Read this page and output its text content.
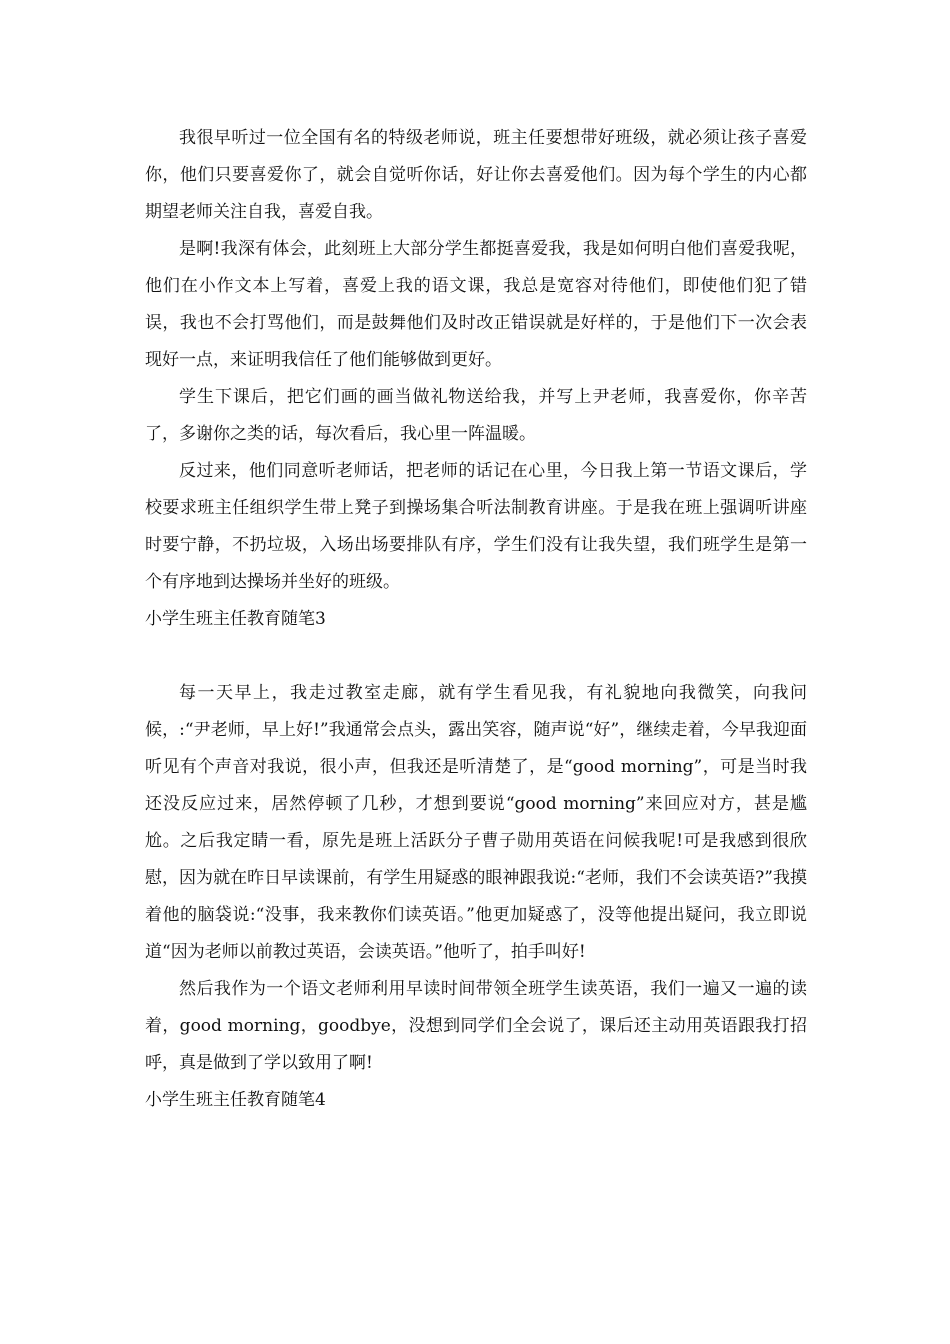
我很早听过一位全国有名的特级老师说，班主任要想带好班级，就必须让孩子喜爱你，他们只要喜爱你了，就会自觉听你话，好让你去喜爱他们。因为每个学生的内心都期望老师关注自我，喜爱自我。

是啊!我深有体会，此刻班上大部分学生都挺喜爱我，我是如何明白他们喜爱我呢，他们在小作文本上写着，喜爱上我的语文课，我总是宽容对待他们，即使他们犯了错误，我也不会打骂他们，而是鼓舞他们及时改正错误就是好样的，于是他们下一次会表现好一点，来证明我信任了他们能够做到更好。

学生下课后，把它们画的画当做礼物送给我，并写上尹老师，我喜爱你，你辛苦了，多谢你之类的话，每次看后，我心里一阵温暖。

反过来，他们同意听老师话，把老师的话记在心里，今日我上第一节语文课后，学校要求班主任组织学生带上凳子到操场集合听法制教育讲座。于是我在班上强调听讲座时要宁静，不扔垃圾，入场出场要排队有序，学生们没有让我失望，我们班学生是第一个有序地到达操场并坐好的班级。

小学生班主任教育随笔3

每一天早上，我走过教室走廊，就有学生看见我，有礼貌地向我微笑，向我问候，:“尹老师，早上好!”我通常会点头，露出笑容，随声说“好”，继续走着，今早我迎面听见有个声音对我说，很小声，但我还是听清楚了，是“good morning”，可是当时我还没反应过来，居然停顿了几秒，才想到要说“good morning”来回应对方，甚是尴尬。之后我定睛一看，原先是班上活跃分子曹子勋用英语在问候我呢!可是我感到很欣慰，因为就在昨日早读课前，有学生用疑惑的眼神跟我说:“老师，我们不会读英语?”我摸着他的脑袋说:“没事，我来教你们读英语。”他更加疑惑了，没等他提出疑问，我立即说道“因为老师以前教过英语，会读英语。”他听了，拍手叫好!

然后我作为一个语文老师利用早读时间带领全班学生读英语，我们一遍又一遍的读着，good morning，goodbye，没想到同学们全会说了，课后还主动用英语跟我打招呼，真是做到了学以致用了啊!

小学生班主任教育随笔4
